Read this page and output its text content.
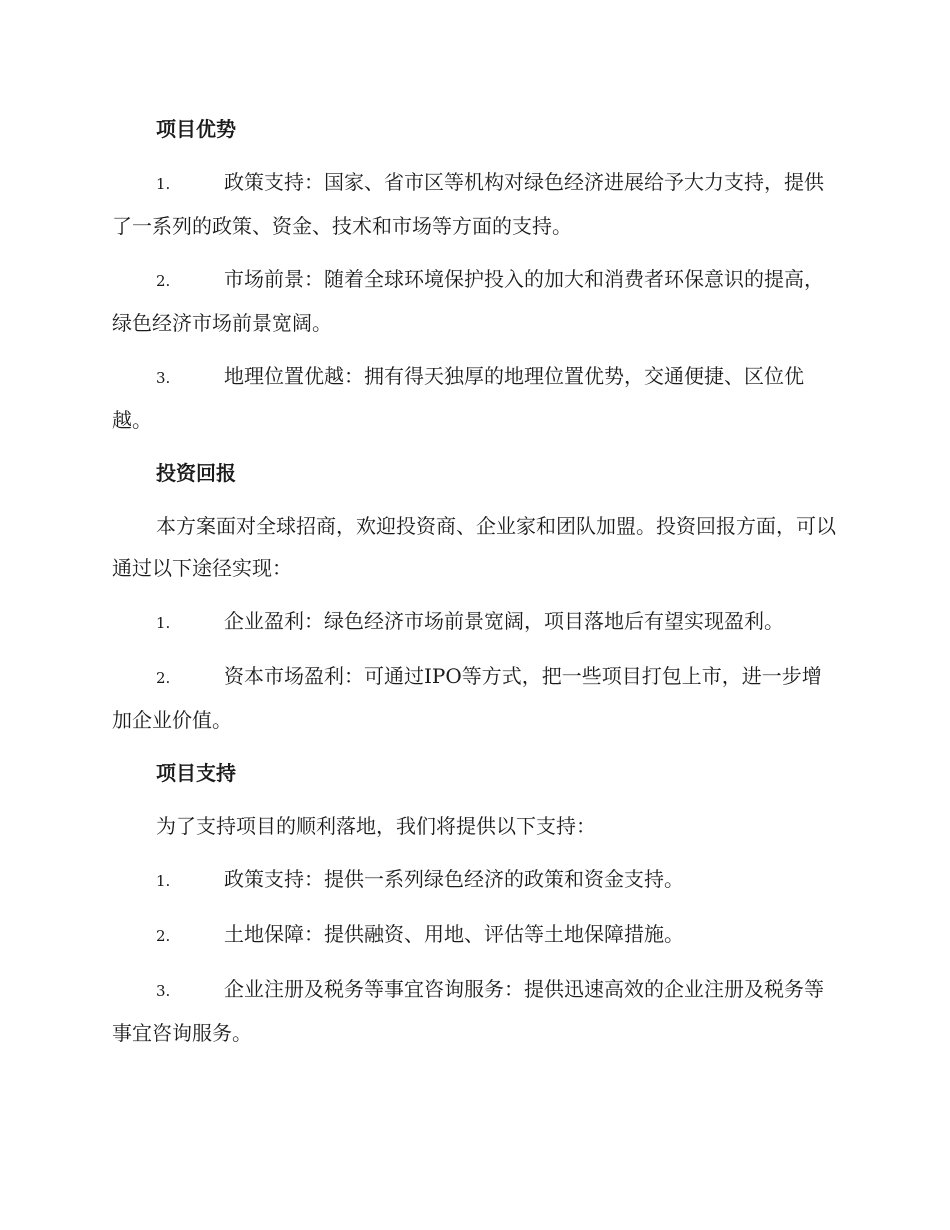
项目优势
1.	政策支持：国家、省市区等机构对绿色经济进展给予大力支持，提供了一系列的政策、资金、技术和市场等方面的支持。
2.	市场前景：随着全球环境保护投入的加大和消费者环保意识的提高，绿色经济市场前景宽阔。
3.	地理位置优越：拥有得天独厚的地理位置优势，交通便捷、区位优越。
投资回报
本方案面对全球招商，欢迎投资商、企业家和团队加盟。投资回报方面，可以通过以下途径实现：
1.	企业盈利：绿色经济市场前景宽阔，项目落地后有望实现盈利。
2.	资本市场盈利：可通过IPO等方式，把一些项目打包上市，进一步增加企业价值。
项目支持
为了支持项目的顺利落地，我们将提供以下支持：
1.	政策支持：提供一系列绿色经济的政策和资金支持。
2.	土地保障：提供融资、用地、评估等土地保障措施。
3.	企业注册及税务等事宜咨询服务：提供迅速高效的企业注册及税务等事宜咨询服务。
